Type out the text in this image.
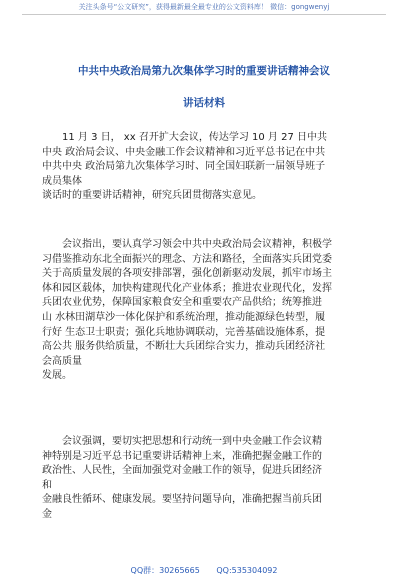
关注头条号“公文研究”，获得最新最全最专业的公文资料库！ 微信：gongwenyj
中共中央政治局第九次集体学习时的重要讲话精神会议
讲话材料
11 月 3 日， xx 召开扩大会议，传达学习 10 月 27 日中共
中央 政治局会议、中央金融工作会议精神和习近平总书记在中共
中共中央 政治局第九次集体学习时、同全国妇联新一届领导班子
成员集体
谈话时的重要讲话精神，研究兵团贯彻落实意见。
会议指出，要认真学习领会中共中央政治局会议精神，积极学
习借鉴推动东北全面振兴的理念、方法和路径，全面落实兵团党委
关于高质量发展的各项安排部署，强化创新驱动发展，抓牢市场主
体和园区载体，加快构建现代化产业体系；推进农业现代化，发挥
兵团农业优势，保障国家粮食安全和重要农产品供给；统筹推进
山 水林田湖草沙一体化保护和系统治理，推动能源绿色转型，履
行好 生态卫士职责；强化兵地协调联动，完善基础设施体系，提
高公共 服务供给质量，不断壮大兵团综合实力，推动兵团经济社
会高质量
发展。
会议强调，要切实把思想和行动统一到中央金融工作会议精
神特别是习近平总书记重要讲话精神上来，准确把握金融工作的
政治性、人民性，全面加强党对金融工作的领导，促进兵团经济
和
金融良性循环、健康发展。要坚持问题导向，准确把握当前兵团
金
QQ群：30265665 QQ:535304092
